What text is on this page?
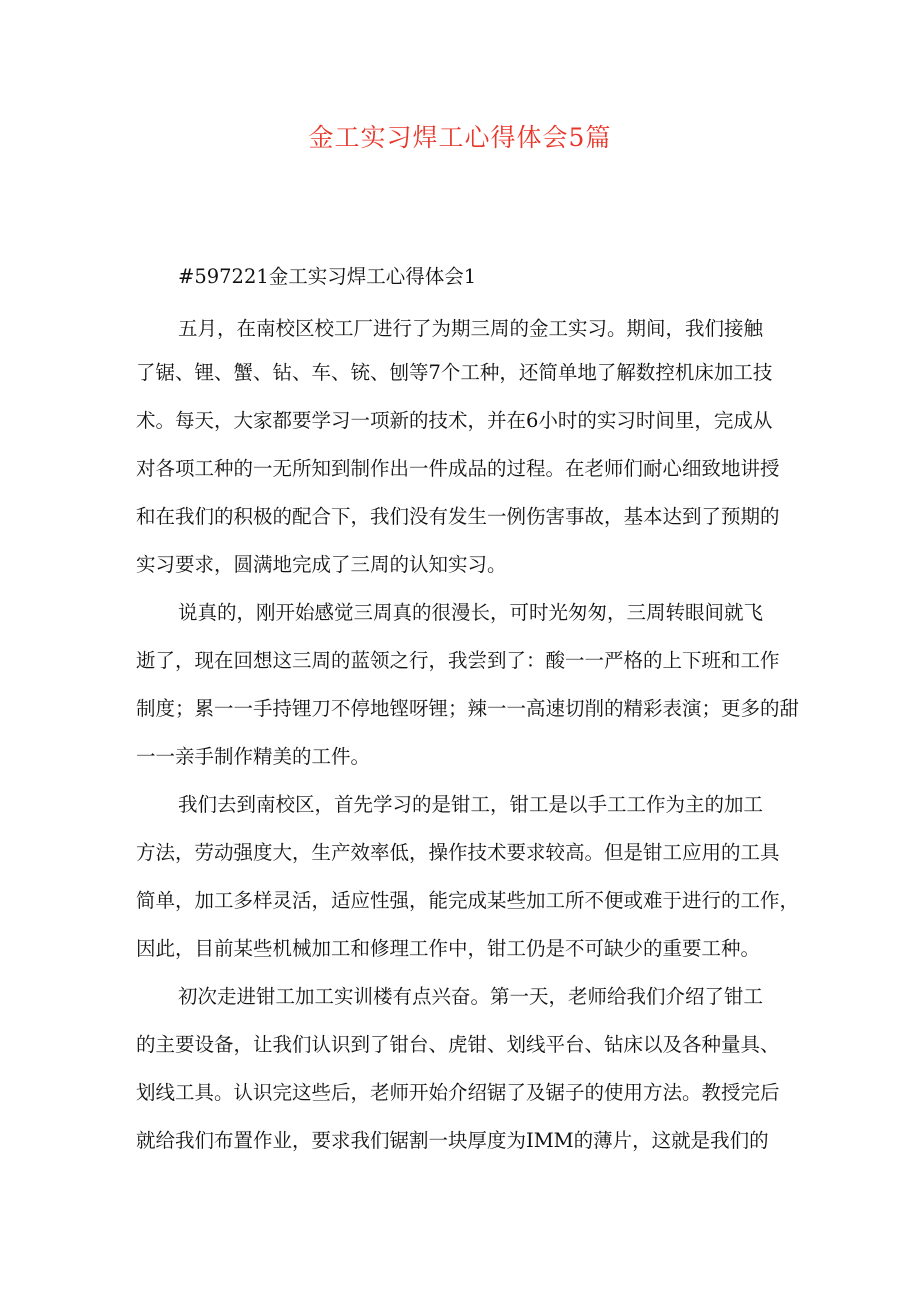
金工实习焊工心得体会5篇
#597221金工实习焊工心得体会1
五月，在南校区校工厂进行了为期三周的金工实习。期间，我们接触
了锯、锂、蟹、钻、车、铳、刨等7个工种，还简单地了解数控机床加工技
术。每天，大家都要学习一项新的技术，并在6小时的实习时间里，完成从
对各项工种的一无所知到制作出一件成品的过程。在老师们耐心细致地讲授
和在我们的积极的配合下，我们没有发生一例伤害事故，基本达到了预期的
实习要求，圆满地完成了三周的认知实习。
说真的，刚开始感觉三周真的很漫长，可时光匆匆，三周转眼间就飞
逝了，现在回想这三周的蓝领之行，我尝到了：酸一一严格的上下班和工作
制度；累一一手持锂刀不停地铿呀锂；辣一一高速切削的精彩表演；更多的甜
一一亲手制作精美的工件。
我们去到南校区，首先学习的是钳工，钳工是以手工工作为主的加工
方法，劳动强度大，生产效率低，操作技术要求较高。但是钳工应用的工具
简单，加工多样灵活，适应性强，能完成某些加工所不便或难于进行的工作，
因此，目前某些机械加工和修理工作中，钳工仍是不可缺少的重要工种。
初次走进钳工加工实训楼有点兴奋。第一天，老师给我们介绍了钳工
的主要设备，让我们认识到了钳台、虎钳、划线平台、钻床以及各种量具、
划线工具。认识完这些后，老师开始介绍锯了及锯子的使用方法。教授完后
就给我们布置作业，要求我们锯割一块厚度为IMM的薄片，这就是我们的
